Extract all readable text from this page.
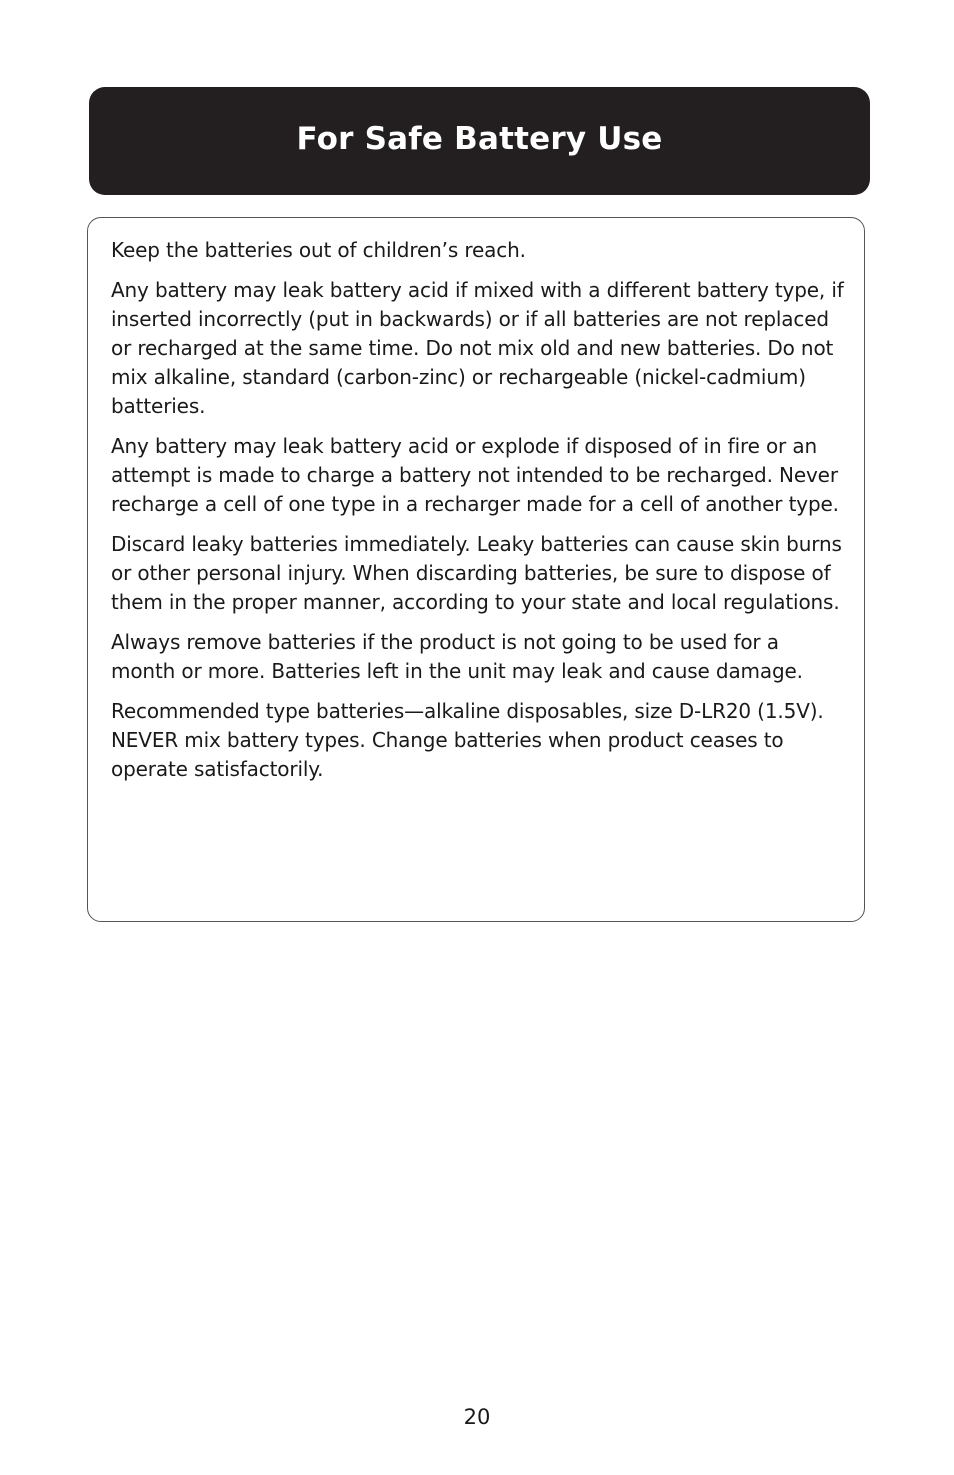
For Safe Battery Use

Keep the batteries out of children’s reach.

Any battery may leak battery acid if mixed with a different battery type, if inserted incorrectly (put in backwards) or if all batteries are not replaced or recharged at the same time. Do not mix old and new batteries. Do not mix alkaline, standard (carbon-zinc) or rechargeable (nickel-cadmium) batteries.

Any battery may leak battery acid or explode if disposed of in fire or an attempt is made to charge a battery not intended to be recharged. Never recharge a cell of one type in a recharger made for a cell of another type.

Discard leaky batteries immediately. Leaky batteries can cause skin burns or other personal injury. When discarding batteries, be sure to dispose of them in the proper manner, according to your state and local regulations.

Always remove batteries if the product is not going to be used for a month or more. Batteries left in the unit may leak and cause damage.

Recommended type batteries—alkaline disposables, size D-LR20 (1.5V). NEVER mix battery types. Change batteries when product ceases to operate satisfactorily.

20
